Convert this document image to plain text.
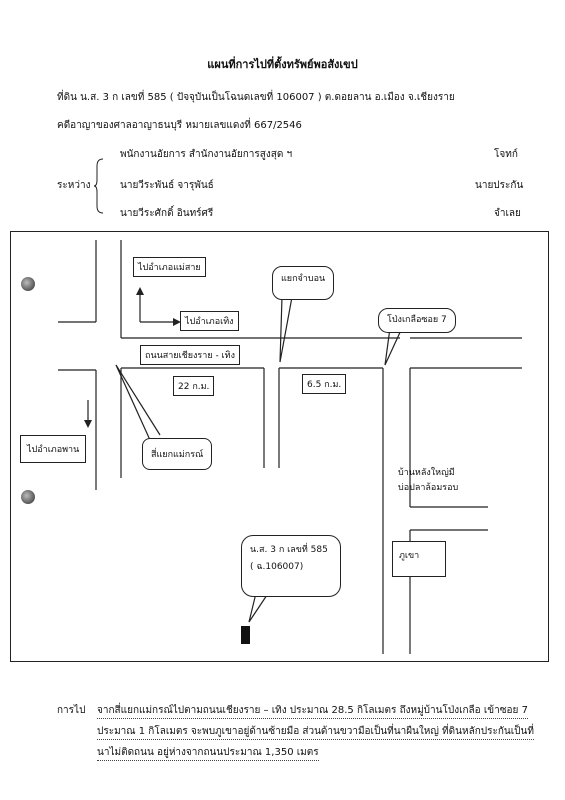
แผนที่การไปที่ตั้งทรัพย์พอสังเขป
ที่ดิน น.ส. 3 ก เลขที่ 585 ( ปัจจุบันเป็นโฉนดเลขที่ 106007 ) ต.ดอยลาน อ.เมือง จ.เชียงราย
คดีอาญาของศาลอาญาธนบุรี หมายเลขแดงที่ 667/2546
ระหว่าง
พนักงานอัยการ สำนักงานอัยการสูงสุด ฯ	โจทก์
นายวีระพันธ์ จารุพันธ์	นายประกัน
นายวีระศักดิ์ อินทร์ศรี	จำเลย
ไปอำเภอแม่สาย
ไปอำเภอเทิง
ไปอำเภอพาน
ถนนสายเชียงราย - เทิง
แยกจำบอน
โป่งเกลือซอย 7
22 ก.ม.	6.5 ก.ม.
สี่แยกแม่กรณ์
บ้านหลังใหญ่มี
บ่อปลาล้อมรอบ
ภูเขา
น.ส. 3 ก เลขที่ 585
( ฉ.106007)
การไป จากสี่แยกแม่กรณ์ไปตามถนนเชียงราย – เทิง ประมาณ 28.5 กิโลเมตร ถึงหมู่บ้านโป่งเกลือ เข้าซอย 7
ประมาณ 1 กิโลเมตร จะพบภูเขาอยู่ด้านซ้ายมือ ส่วนด้านขวามือเป็นที่นาผืนใหญ่ ที่ดินหลักประกันเป็นที่
นาไม่ติดถนน อยู่ห่างจากถนนประมาณ 1,350 เมตร
